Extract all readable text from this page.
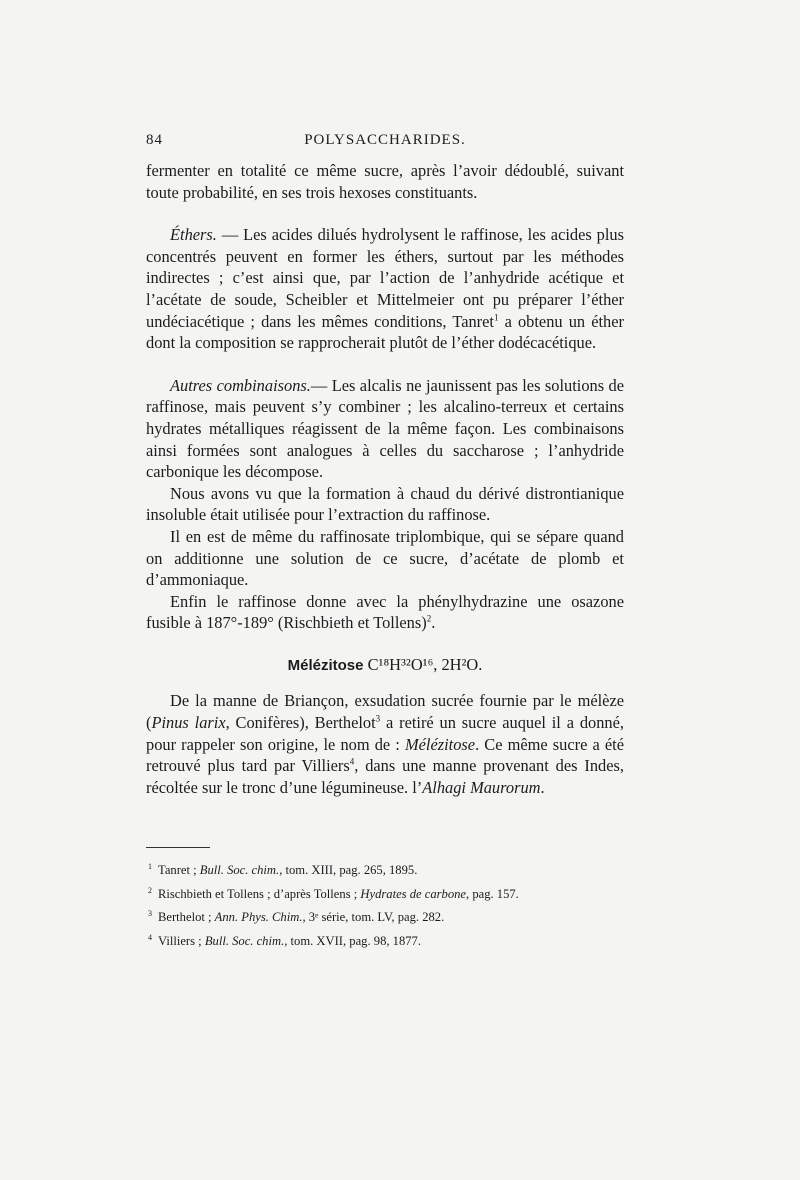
84	POLYSACCHARIDES.

fermenter en totalité ce même sucre, après l’avoir dédoublé, suivant toute probabilité, en ses trois hexoses constituants.

Éthers. — Les acides dilués hydrolysent le raffinose, les acides plus concentrés peuvent en former les éthers, surtout par les méthodes indirectes ; c’est ainsi que, par l’action de l’anhydride acétique et l’acétate de soude, Scheibler et Mittelmeier ont pu préparer l’éther undéciacétique ; dans les mêmes conditions, Tanret$^1$ a obtenu un éther dont la composition se rapprocherait plutôt de l’éther dodécacétique.

Autres combinaisons.— Les alcalis ne jaunissent pas les solutions de raffinose, mais peuvent s’y combiner ; les alcalino-terreux et certains hydrates métalliques réagissent de la même façon. Les combinaisons ainsi formées sont analogues à celles du saccharose ; l’anhydride carbonique les décompose.

Nous avons vu que la formation à chaud du dérivé distrontianique insoluble était utilisée pour l’extraction du raffinose.

Il en est de même du raffinosate triplombique, qui se sépare quand on additionne une solution de ce sucre, d’acétate de plomb et d’ammoniaque.

Enfin le raffinose donne avec la phénylhydrazine une osazone fusible à 187°-189° (Rischbieth et Tollens)$^2$.

Mélézitose C¹⁸H³²O¹⁶, 2H²O.

De la manne de Briançon, exsudation sucrée fournie par le mélèze (Pinus larix, Conifères), Berthelot$^3$ a retiré un sucre auquel il a donné, pour rappeler son origine, le nom de : Mélézitose. Ce même sucre a été retrouvé plus tard par Villiers$^4$, dans une manne provenant des Indes, récoltée sur le tronc d’une légumineuse. l’Alhagi Maurorum.

$^1$ Tanret ; Bull. Soc. chim., tom. XIII, pag. 265, 1895.

$^2$ Rischbieth et Tollens ; d’après Tollens ; Hydrates de carbone, pag. 157.

$^3$ Berthelot ; Ann. Phys. Chim., 3ᵉ série, tom. LV, pag. 282.

$^4$ Villiers ; Bull. Soc. chim., tom. XVII, pag. 98, 1877.
